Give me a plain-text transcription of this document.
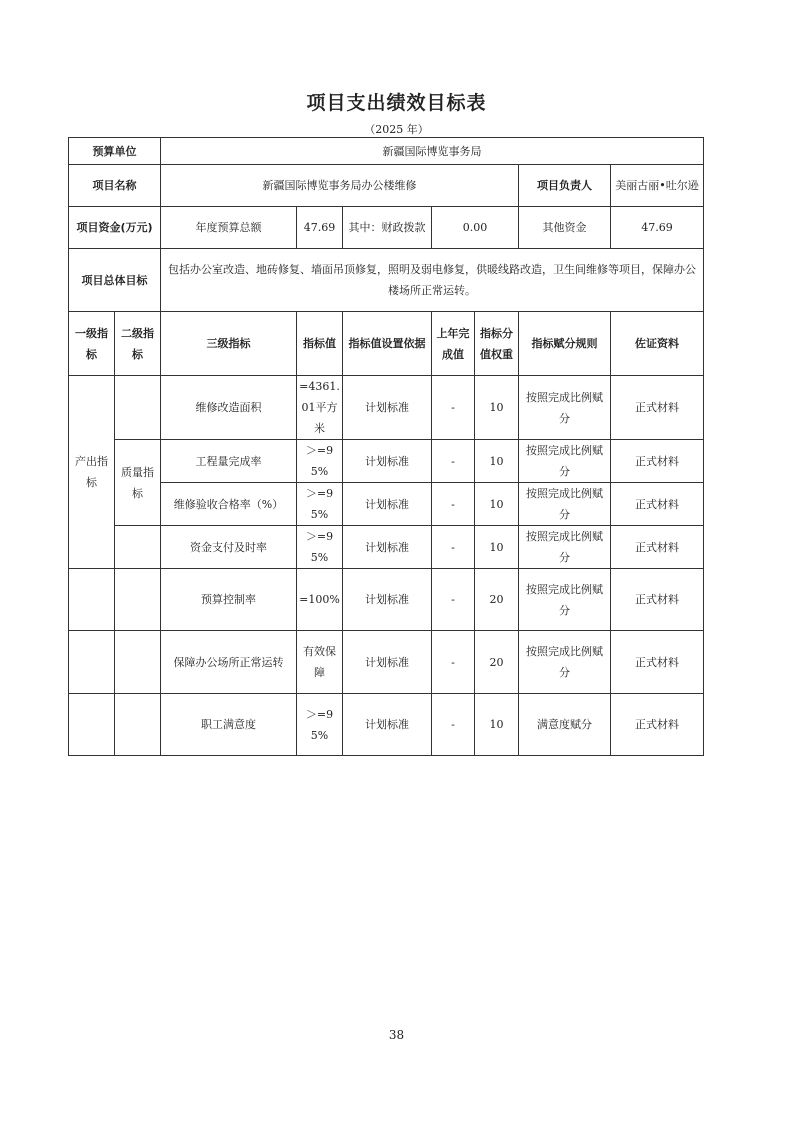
项目支出绩效目标表
（2025 年）
预算单位		新疆国际博览事务局						
项目名称		新疆国际博览事务局办公楼维修					项目负责人	美丽古丽•吐尔逊
项目资金(万元)		年度预算总额	47.69	其中：财政拨款	0.00		其他资金	47.69
项目总体目标		包括办公室改造、地砖修复、墙面吊顶修复，照明及弱电修复，供暖线路改造，卫生间维修等项目，保障办公楼场所正常运转。						
一级指标	二级指标	三级指标	指标值	指标值设置依据	上年完成值	指标分值权重	指标赋分规则	佐证资料
产出指标		维修改造面积	=4361.01平方米	计划标准	-	10	按照完成比例赋分	正式材料
	质量指标	工程量完成率	＞=95%	计划标准	-	10	按照完成比例赋分	正式材料
		维修验收合格率（%）	＞=95%	计划标准	-	10	按照完成比例赋分	正式材料
		资金支付及时率	＞=95%	计划标准	-	10	按照完成比例赋分	正式材料
		预算控制率	=100%	计划标准	-	20	按照完成比例赋分	正式材料
		保障办公场所正常运转	有效保障	计划标准	-	20	按照完成比例赋分	正式材料
		职工满意度	＞=95%	计划标准	-	10	满意度赋分	正式材料
38
